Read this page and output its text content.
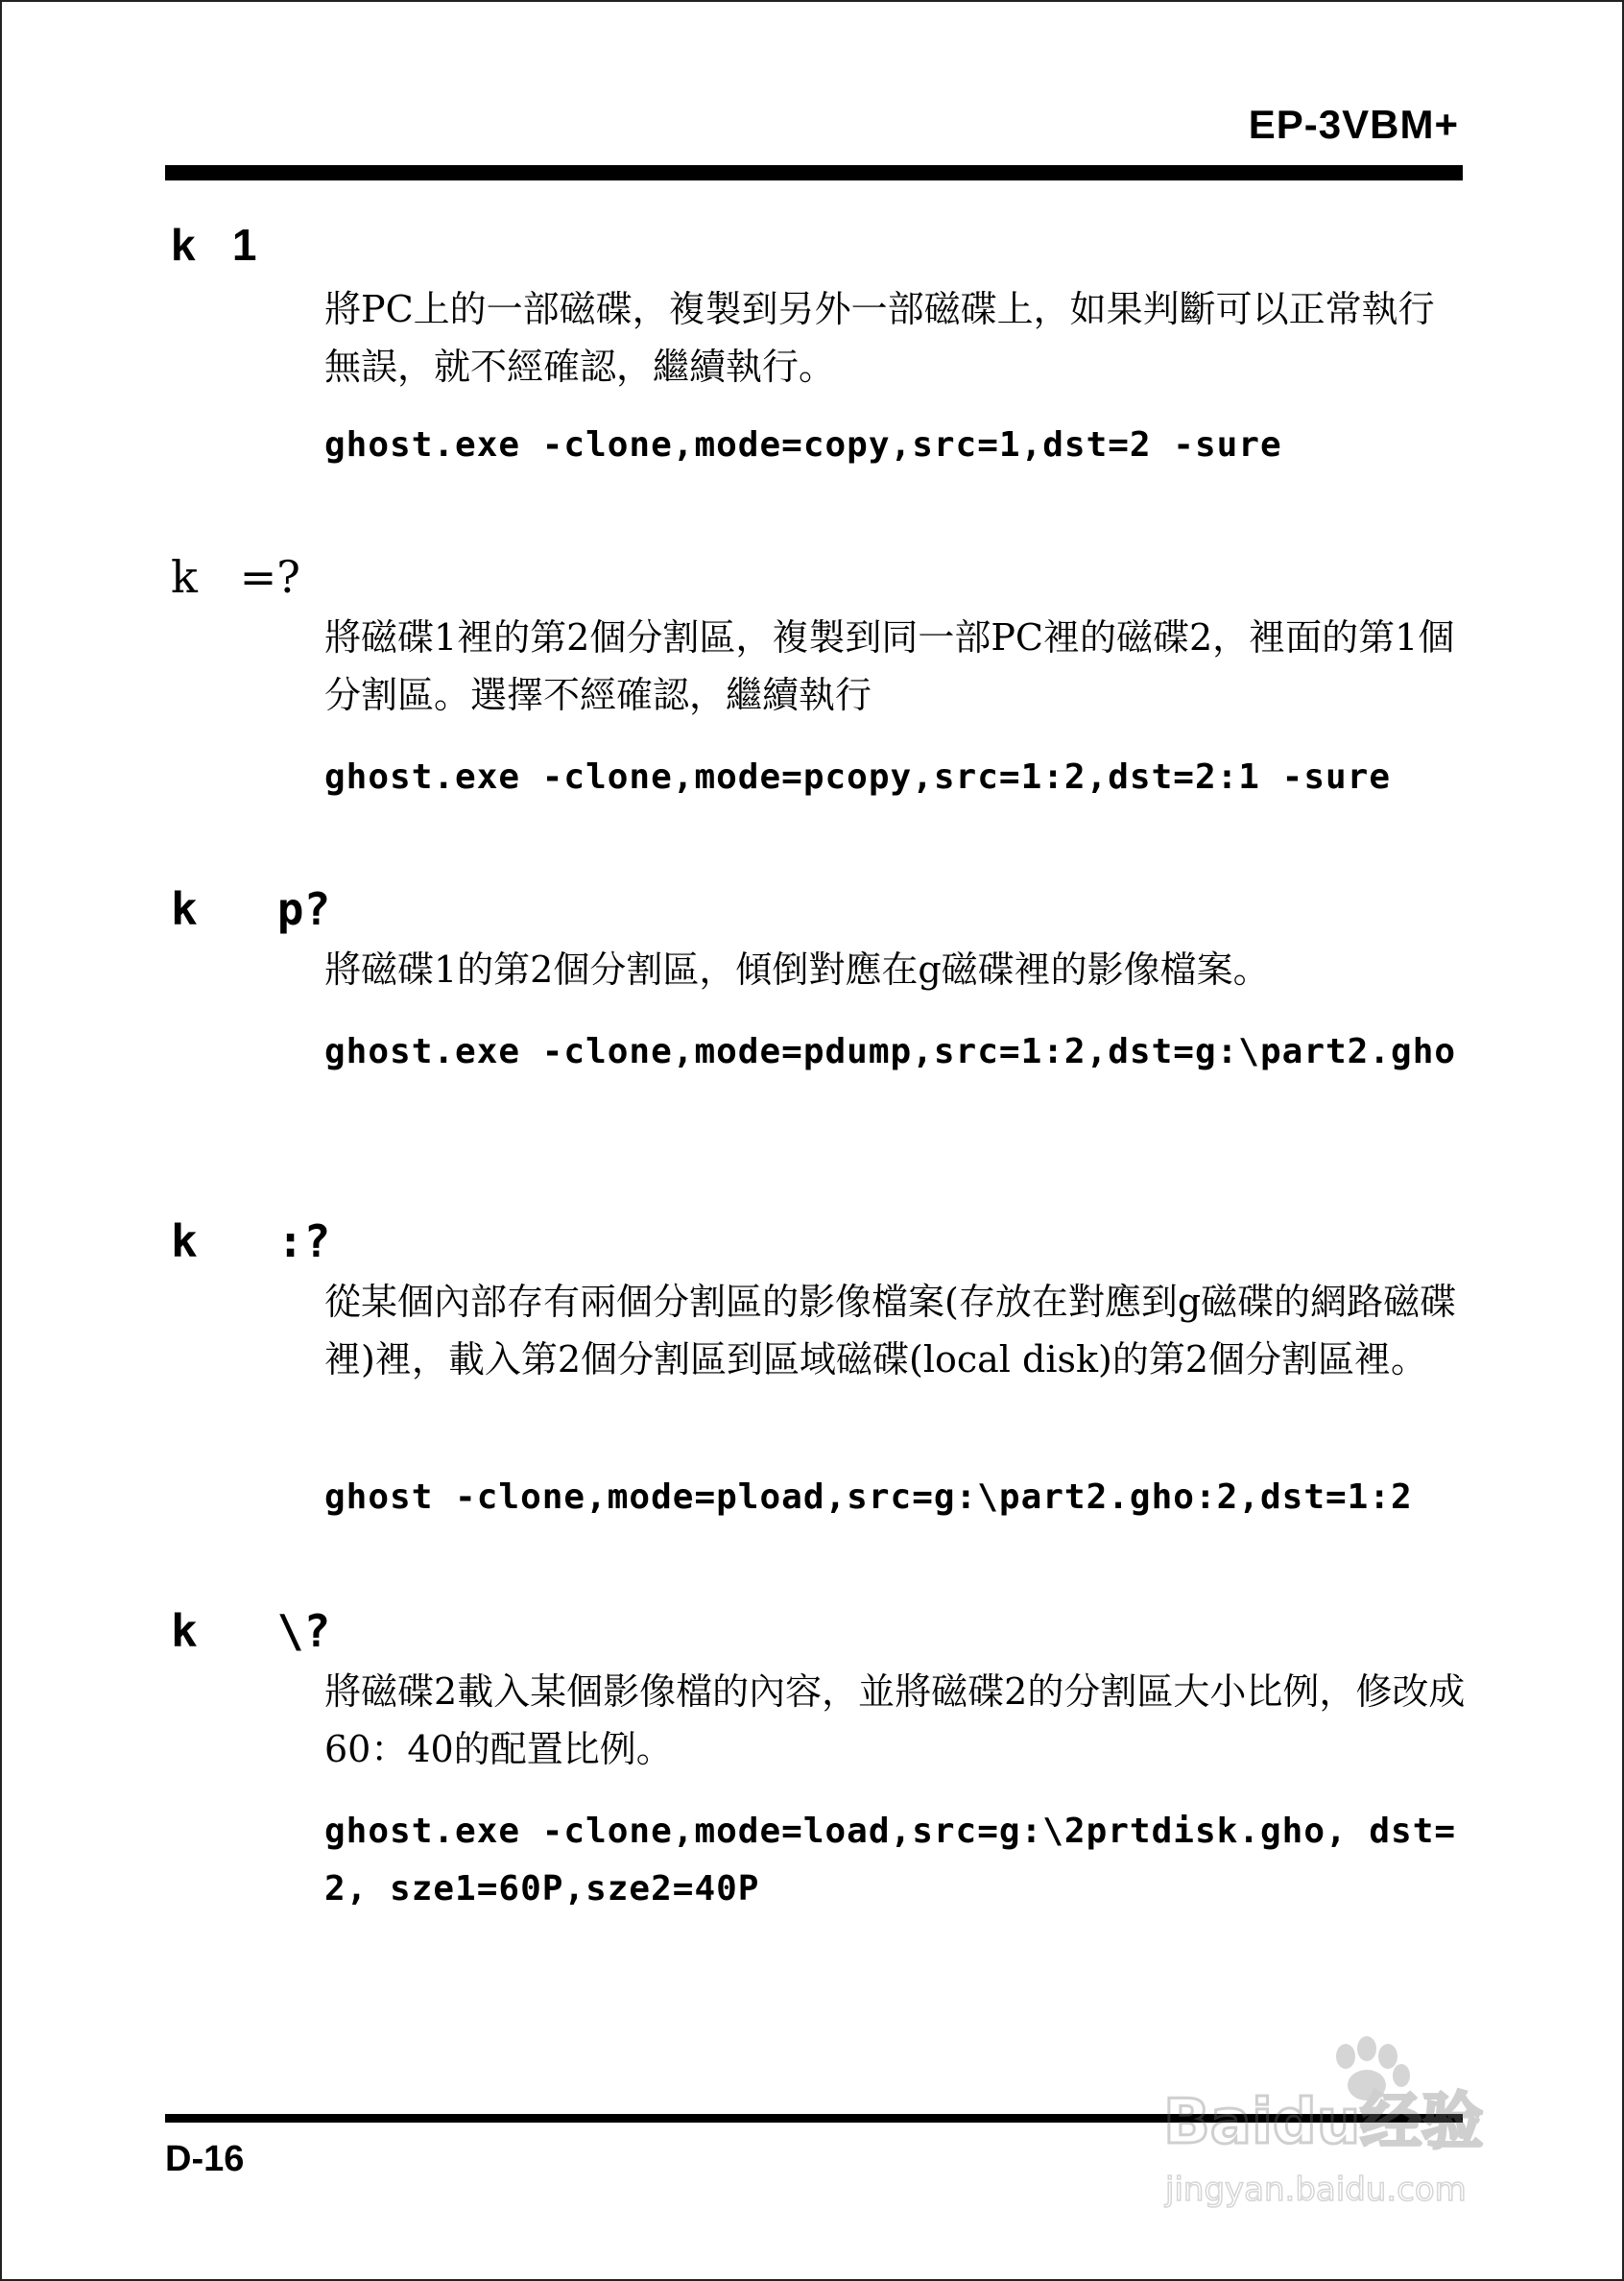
EP-3VBM+
k   1
將PC上的一部磁碟，複製到另外一部磁碟上，如果判斷可以正常執行無誤，就不經確認，繼續執行。
ghost.exe -clone,mode=copy,src=1,dst=2 -sure
k   =?
將磁碟1裡的第2個分割區，複製到同一部PC裡的磁碟2，裡面的第1個分割區。選擇不經確認，繼續執行
ghost.exe -clone,mode=pcopy,src=1:2,dst=2:1 -sure
k   p?
將磁碟1的第2個分割區，傾倒對應在g磁碟裡的影像檔案。
ghost.exe -clone,mode=pdump,src=1:2,dst=g:\part2.gho
k   :?
從某個內部存有兩個分割區的影像檔案(存放在對應到g磁碟的網路磁碟裡)裡，載入第2個分割區到區域磁碟(local disk)的第2個分割區裡。
ghost -clone,mode=pload,src=g:\part2.gho:2,dst=1:2
k   \?
將磁碟2載入某個影像檔的內容，並將磁碟2的分割區大小比例，修改成60：40的配置比例。
ghost.exe -clone,mode=load,src=g:\2prtdisk.gho, dst=2, sze1=60P,sze2=40P
D-16
Baidu经验
jingyan.baidu.com
